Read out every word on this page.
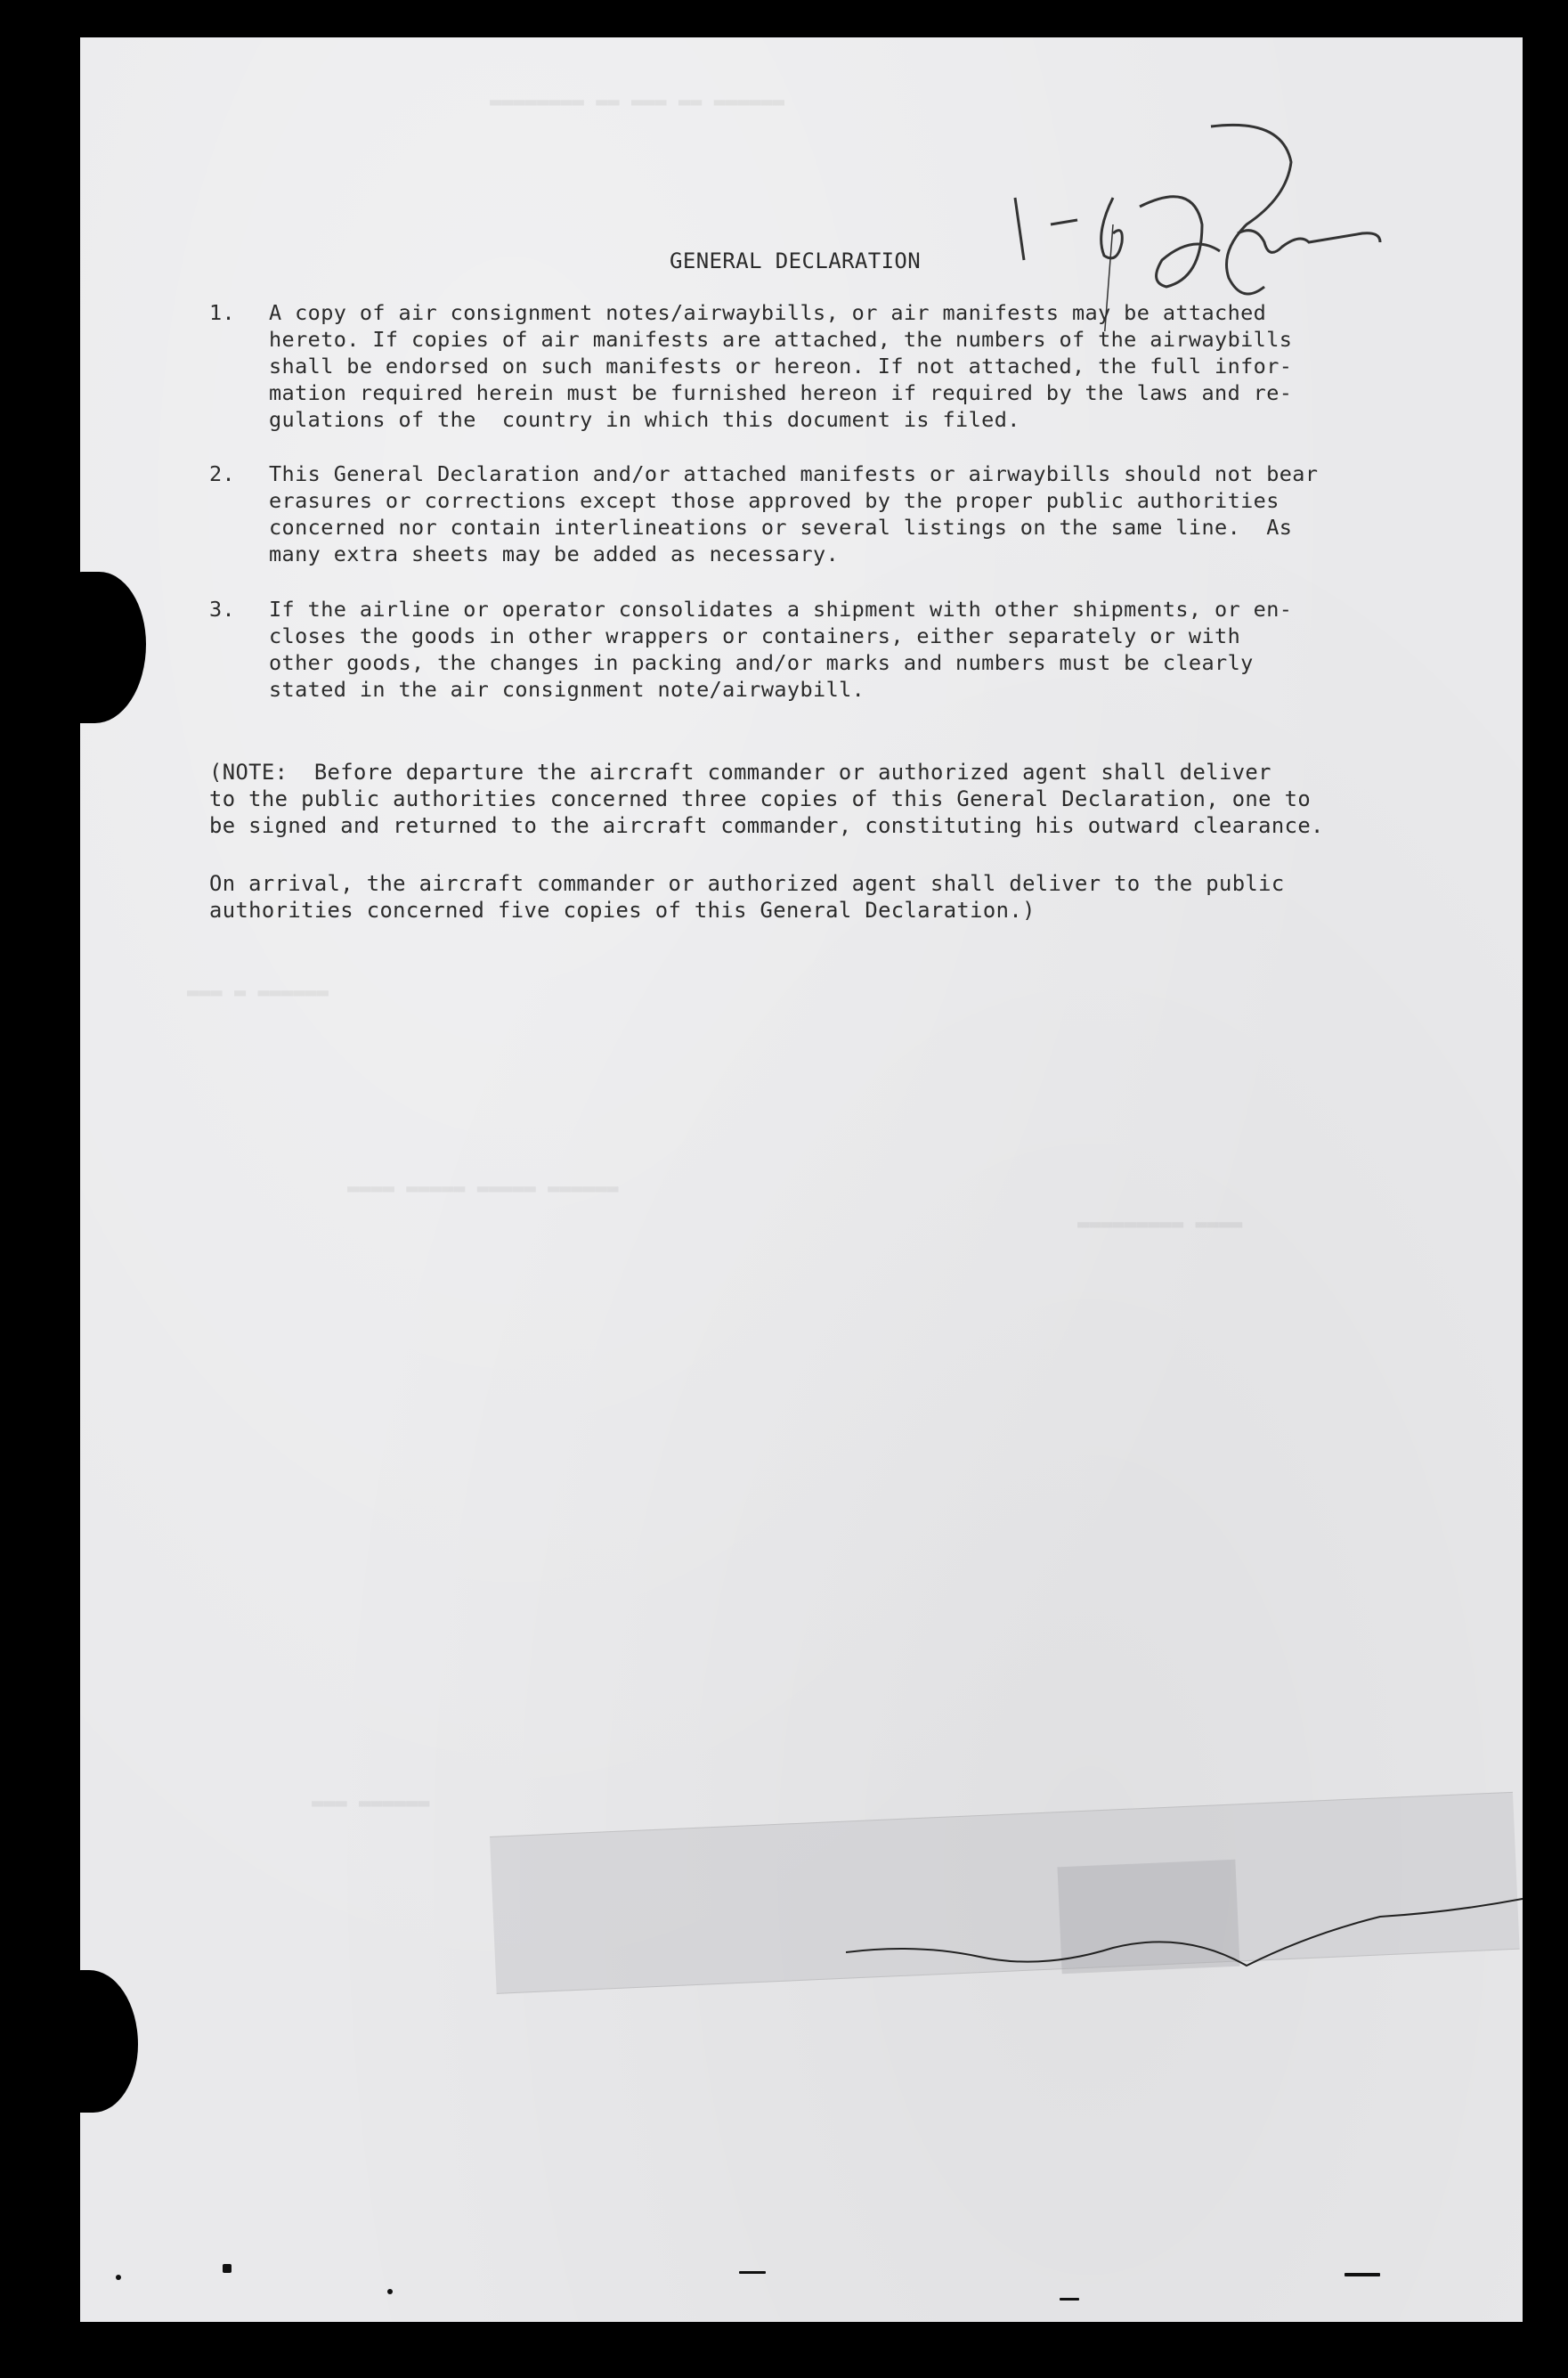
▬▬▬▬▬▬▬▬ ▬▬ ▬▬▬ ▬▬ ▬▬▬▬▬▬
▬▬▬ ▬ ▬▬▬▬▬▬
▬▬▬▬ ▬▬▬▬▬ ▬▬▬▬▬ ▬▬▬▬▬▬
▬▬▬▬▬▬▬▬▬ ▬▬▬▬
▬▬▬ ▬▬▬▬▬▬
GENERAL DECLARATION
1. A copy of air consignment notes/airwaybills, or air manifests may be attached
hereto. If copies of air manifests are attached, the numbers of the airwaybills
shall be endorsed on such manifests or hereon. If not attached, the full infor-
mation required herein must be furnished hereon if required by the laws and re-
gulations of the  country in which this document is filed.
2. This General Declaration and/or attached manifests or airwaybills should not bear
erasures or corrections except those approved by the proper public authorities
concerned nor contain interlineations or several listings on the same line.  As
many extra sheets may be added as necessary.
3. If the airline or operator consolidates a shipment with other shipments, or en-
closes the goods in other wrappers or containers, either separately or with
other goods, the changes in packing and/or marks and numbers must be clearly
stated in the air consignment note/airwaybill.
(NOTE:  Before departure the aircraft commander or authorized agent shall deliver
to the public authorities concerned three copies of this General Declaration, one to
be signed and returned to the aircraft commander, constituting his outward clearance.
On arrival, the aircraft commander or authorized agent shall deliver to the public
authorities concerned five copies of this General Declaration.)
